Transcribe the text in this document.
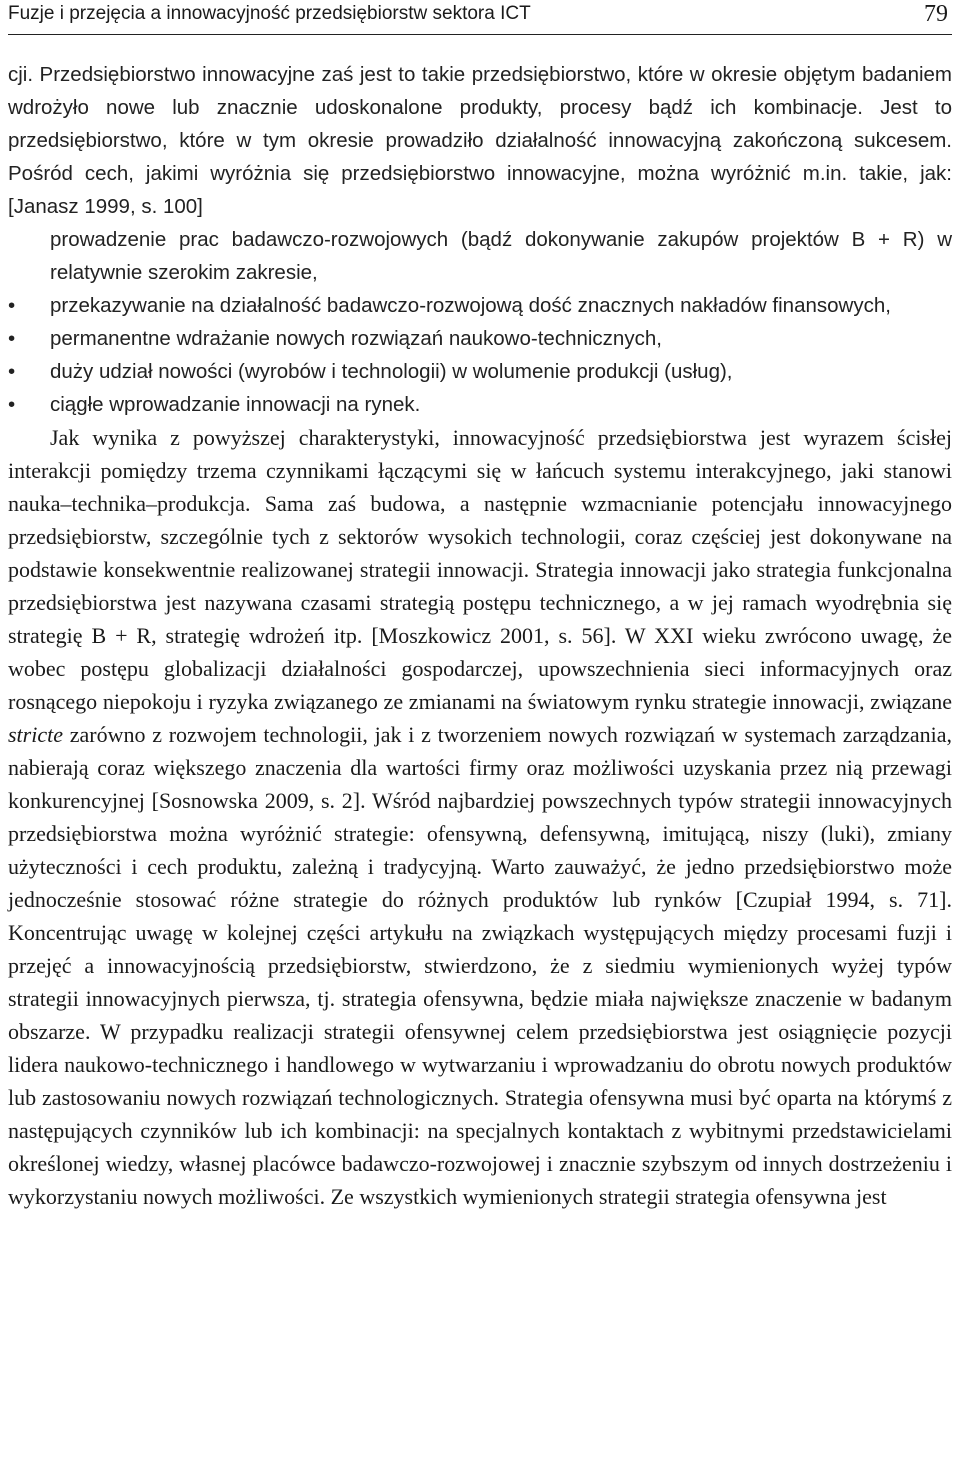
Fuzje i przejęcia a innowacyjność przedsiębiorstw sektora ICT	79

cji. Przedsiębiorstwo innowacyjne zaś jest to takie przedsiębiorstwo, które w okresie objętym badaniem wdrożyło nowe lub znacznie udoskonalone produkty, procesy bądź ich kombinacje. Jest to przedsiębiorstwo, które w tym okresie prowadziło działalność innowacyjną zakończoną sukcesem. Pośród cech, jakimi wyróżnia się przedsiębiorstwo innowacyjne, można wyróżnić m.in. takie, jak: [Janasz 1999, s. 100]

prowadzenie prac badawczo-rozwojowych (bądź dokonywanie zakupów projektów B + R) w relatywnie szerokim zakresie,

•	przekazywanie na działalność badawczo-rozwojową dość znacznych nakładów finansowych,
•	permanentne wdrażanie nowych rozwiązań naukowo-technicznych,
•	duży udział nowości (wyrobów i technologii) w wolumenie produkcji (usług),
•	ciągłe wprowadzanie innowacji na rynek.

Jak wynika z powyższej charakterystyki, innowacyjność przedsiębiorstwa jest wyrazem ścisłej interakcji pomiędzy trzema czynnikami łączącymi się w łańcuch systemu interakcyjnego, jaki stanowi nauka–technika–produkcja. Sama zaś budowa, a następnie wzmacnianie potencjału innowacyjnego przedsiębiorstw, szczególnie tych z sektorów wysokich technologii, coraz częściej jest dokonywane na podstawie konsekwentnie realizowanej strategii innowacji. Strategia innowacji jako strategia funkcjonalna przedsiębiorstwa jest nazywana czasami strategią postępu technicznego, a w jej ramach wyodrębnia się strategię B + R, strategię wdrożeń itp. [Moszkowicz 2001, s. 56]. W XXI wieku zwrócono uwagę, że wobec postępu globalizacji działalności gospodarczej, upowszechnienia sieci informacyjnych oraz rosnącego niepokoju i ryzyka związanego ze zmianami na światowym rynku strategie innowacji, związane stricte zarówno z rozwojem technologii, jak i z tworzeniem nowych rozwiązań w systemach zarządzania, nabierają coraz większego znaczenia dla wartości firmy oraz możliwości uzyskania przez nią przewagi konkurencyjnej [Sosnowska 2009, s. 2]. Wśród najbardziej powszechnych typów strategii innowacyjnych przedsiębiorstwa można wyróżnić strategie: ofensywną, defensywną, imitującą, niszy (luki), zmiany użyteczności i cech produktu, zależną i tradycyjną. Warto zauważyć, że jedno przedsiębiorstwo może jednocześnie stosować różne strategie do różnych produktów lub rynków [Czupiał 1994, s. 71]. Koncentrując uwagę w kolejnej części artykułu na związkach występujących między procesami fuzji i przejęć a innowacyjnością przedsiębiorstw, stwierdzono, że z siedmiu wymienionych wyżej typów strategii innowacyjnych pierwsza, tj. strategia ofensywna, będzie miała największe znaczenie w badanym obszarze. W przypadku realizacji strategii ofensywnej celem przedsiębiorstwa jest osiągnięcie pozycji lidera naukowo-technicznego i handlowego w wytwarzaniu i wprowadzaniu do obrotu nowych produktów lub zastosowaniu nowych rozwiązań technologicznych. Strategia ofensywna musi być oparta na którymś z następujących czynników lub ich kombinacji: na specjalnych kontaktach z wybitnymi przedstawicielami określonej wiedzy, własnej placówce badawczo-rozwojowej i znacznie szybszym od innych dostrzeżeniu i wykorzystaniu nowych możliwości. Ze wszystkich wymienionych strategii strategia ofensywna jest
